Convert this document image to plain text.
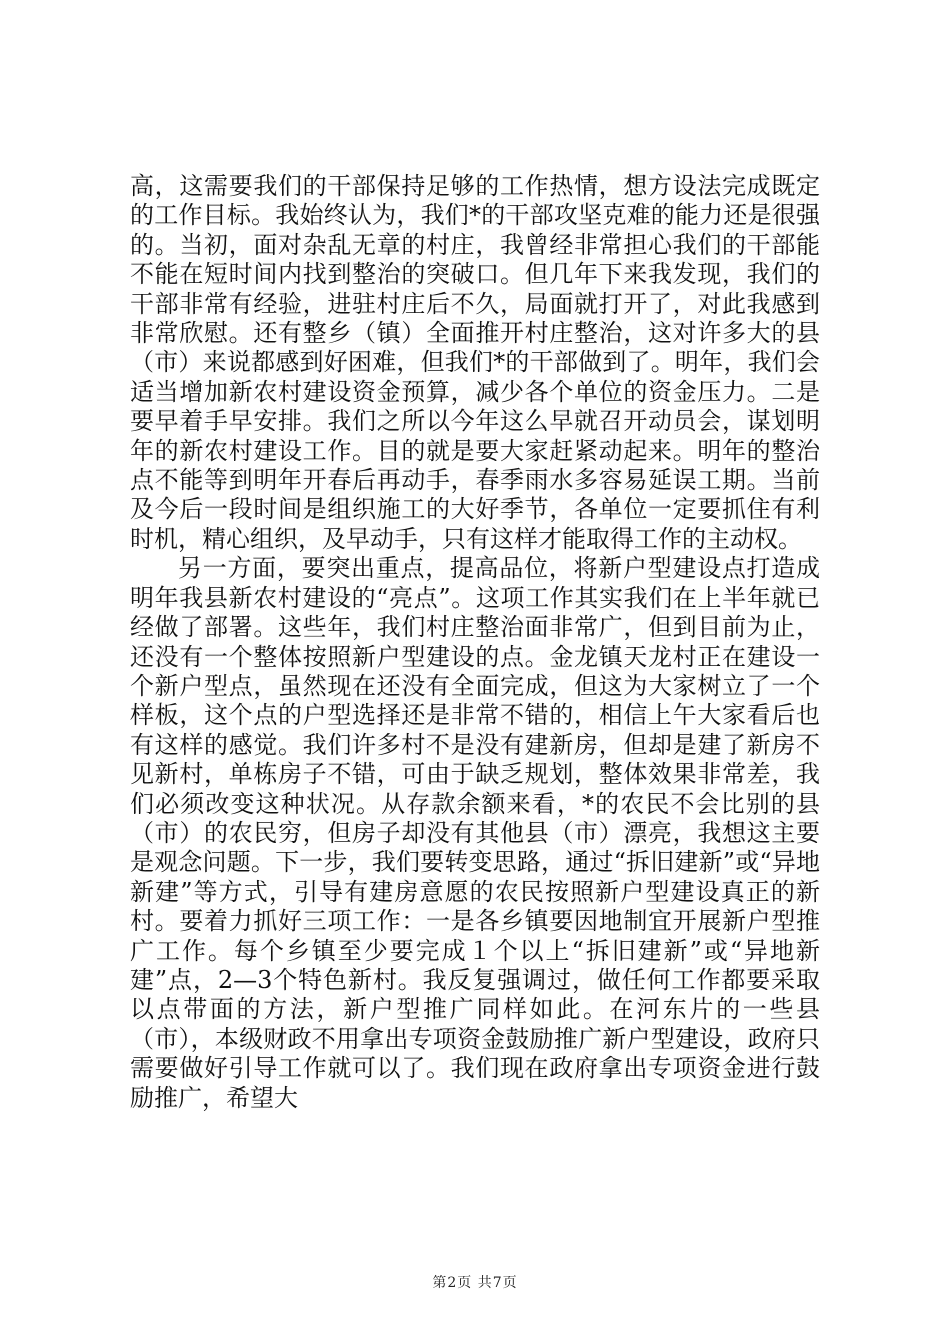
高，这需要我们的干部保持足够的工作热情，想方设法完成既定的工作目标。我始终认为，我们*的干部攻坚克难的能力还是很强的。当初，面对杂乱无章的村庄，我曾经非常担心我们的干部能不能在短时间内找到整治的突破口。但几年下来我发现，我们的干部非常有经验，进驻村庄后不久，局面就打开了，对此我感到非常欣慰。还有整乡（镇）全面推开村庄整治，这对许多大的县（市）来说都感到好困难，但我们*的干部做到了。明年，我们会适当增加新农村建设资金预算，减少各个单位的资金压力。二是要早着手早安排。我们之所以今年这么早就召开动员会，谋划明年的新农村建设工作。目的就是要大家赶紧动起来。明年的整治点不能等到明年开春后再动手，春季雨水多容易延误工期。当前及今后一段时间是组织施工的大好季节，各单位一定要抓住有利时机，精心组织，及早动手，只有这样才能取得工作的主动权。

另一方面，要突出重点，提高品位，将新户型建设点打造成明年我县新农村建设的“亮点”。这项工作其实我们在上半年就已经做了部署。这些年，我们村庄整治面非常广，但到目前为止，还没有一个整体按照新户型建设的点。金龙镇天龙村正在建设一个新户型点，虽然现在还没有全面完成，但这为大家树立了一个样板，这个点的户型选择还是非常不错的，相信上午大家看后也有这样的感觉。我们许多村不是没有建新房，但却是建了新房不见新村，单栋房子不错，可由于缺乏规划，整体效果非常差，我们必须改变这种状况。从存款余额来看，*的农民不会比别的县（市）的农民穷，但房子却没有其他县（市）漂亮，我想这主要是观念问题。下一步，我们要转变思路，通过“拆旧建新”或“异地新建”等方式，引导有建房意愿的农民按照新户型建设真正的新村。要着力抓好三项工作：一是各乡镇要因地制宜开展新户型推广工作。每个乡镇至少要完成１个以上“拆旧建新”或“异地新建”点，2—3个特色新村。我反复强调过，做任何工作都要采取以点带面的方法，新户型推广同样如此。在河东片的一些县（市），本级财政不用拿出专项资金鼓励推广新户型建设，政府只需要做好引导工作就可以了。我们现在政府拿出专项资金进行鼓励推广，希望大

第2页 共7页
